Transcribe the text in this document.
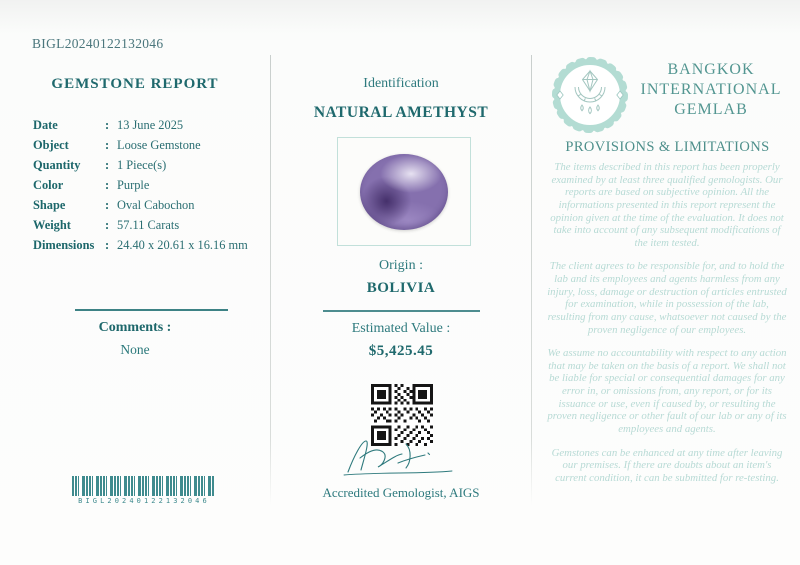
BIGL20240122132046
GEMSTONE REPORT
Date	: 13 June 2025
Object	: Loose Gemstone
Quantity	: 1 Piece(s)
Color	: Purple
Shape	: Oval Cabochon
Weight	: 57.11 Carats
Dimensions : 24.40 x 20.61 x 16.16 mm
Comments :
None
BIGL20240122132046
Identification
NATURAL AMETHYST
Origin :
BOLIVIA
Estimated Value :
$5,425.45
Accredited Gemologist, AIGS
BANGKOK INTERNATIONAL GEMLAB
PROVISIONS & LIMITATIONS

The items described in this report has been properly examined by at least three qualified gemologists. Our reports are based on subjective opinion. All the informations presented in this report represent the opinion given at the time of the evaluation. It does not take into account of any subsequent modifications of the item tested.

The client agrees to be responsible for, and to hold the lab and its employees and agents harmless from any injury, loss, damage or destruction of articles entrusted for examination, while in possession of the lab, resulting from any cause, whatsoever not caused by the proven negligence of our employees.

We assume no accountability with respect to any action that may be taken on the basis of a report. We shall not be liable for special or consequential damages for any error in, or omissions from, any report, or for its issuance or use, even if caused by, or resulting the proven negligence or other fault of our lab or any of its employees and agents.

Gemstones can be enhanced at any time after leaving our premises. If there are doubts about an item's current condition, it can be submitted for re-testing.
